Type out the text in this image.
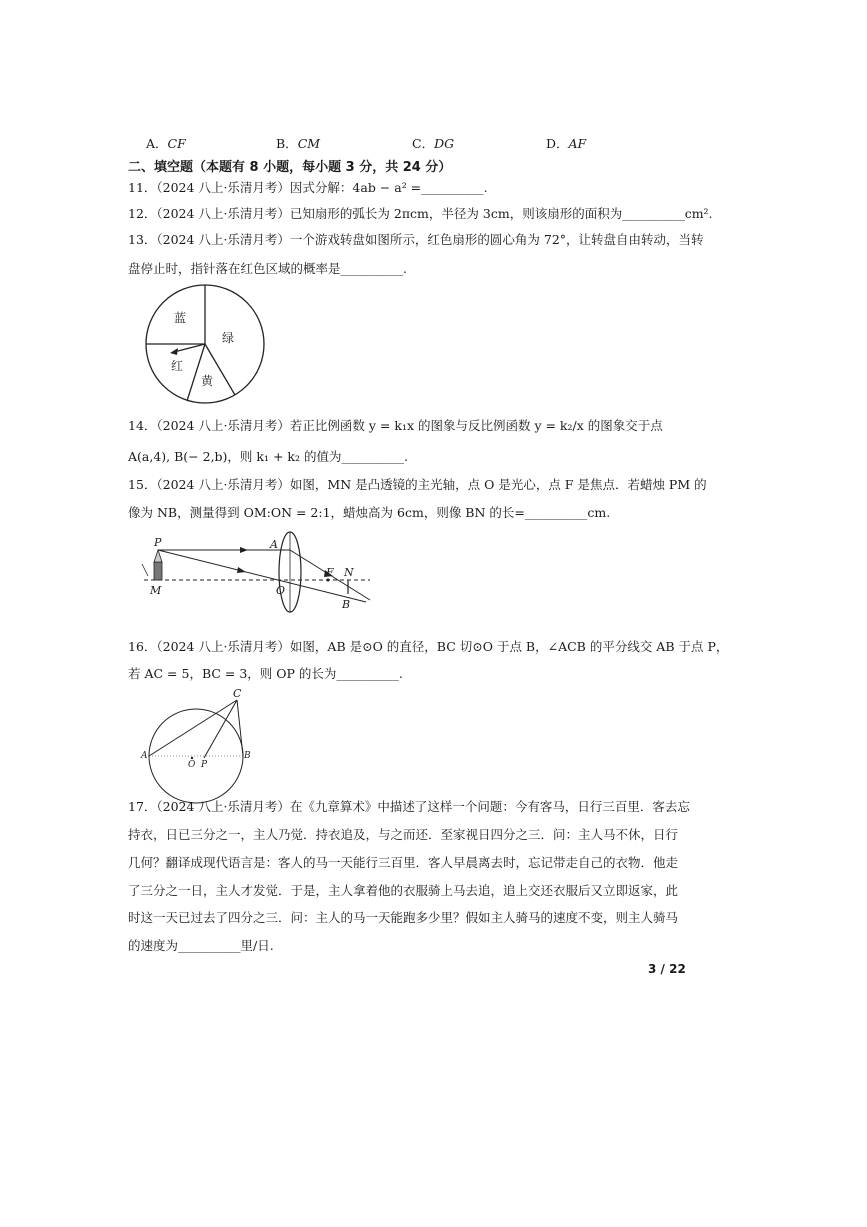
A．CF	B．CM	C．DG	D．AF
二、填空题（本题有 8 小题，每小题 3 分，共 24 分）
11．（2024 八上·乐清月考）因式分解：4ab − a² =__________.
12．（2024 八上·乐清月考）已知扇形的弧长为 2πcm，半径为 3cm，则该扇形的面积为__________cm².
13．（2024 八上·乐清月考）一个游戏转盘如图所示，红色扇形的圆心角为 72°，让转盘自由转动，当转
盘停止时，指针落在红色区域的概率是__________.
蓝
绿
红
黄
14．（2024 八上·乐清月考）若正比例函数 y = k₁x 的图象与反比例函数 y = k₂/x 的图象交于点
A(a,4), B(− 2,b)，则 k₁ + k₂ 的值为__________.
15．（2024 八上·乐清月考）如图，MN 是凸透镜的主光轴，点 O 是光心，点 F 是焦点．若蜡烛 PM 的
像为 NB，测量得到 OM:ON = 2:1，蜡烛高为 6cm，则像 BN 的长=__________cm.
P	A
F N
M	O
B
16．（2024 八上·乐清月考）如图，AB 是⊙O 的直径，BC 切⊙O 于点 B，∠ACB 的平分线交 AB 于点 P，
若 AC = 5，BC = 3，则 OP 的长为__________.
C
A	B
O P
17．（2024 八上·乐清月考）在《九章算术》中描述了这样一个问题：今有客马，日行三百里．客去忘
持衣，日已三分之一，主人乃觉．持衣追及，与之而还．至家视日四分之三．问：主人马不休，日行
几何？翻译成现代语言是：客人的马一天能行三百里．客人早晨离去时，忘记带走自己的衣物．他走
了三分之一日，主人才发觉．于是，主人拿着他的衣服骑上马去追，追上交还衣服后又立即返家，此
时这一天已过去了四分之三．问：主人的马一天能跑多少里？假如主人骑马的速度不变，则主人骑马
的速度为__________里/日.
3 / 22
